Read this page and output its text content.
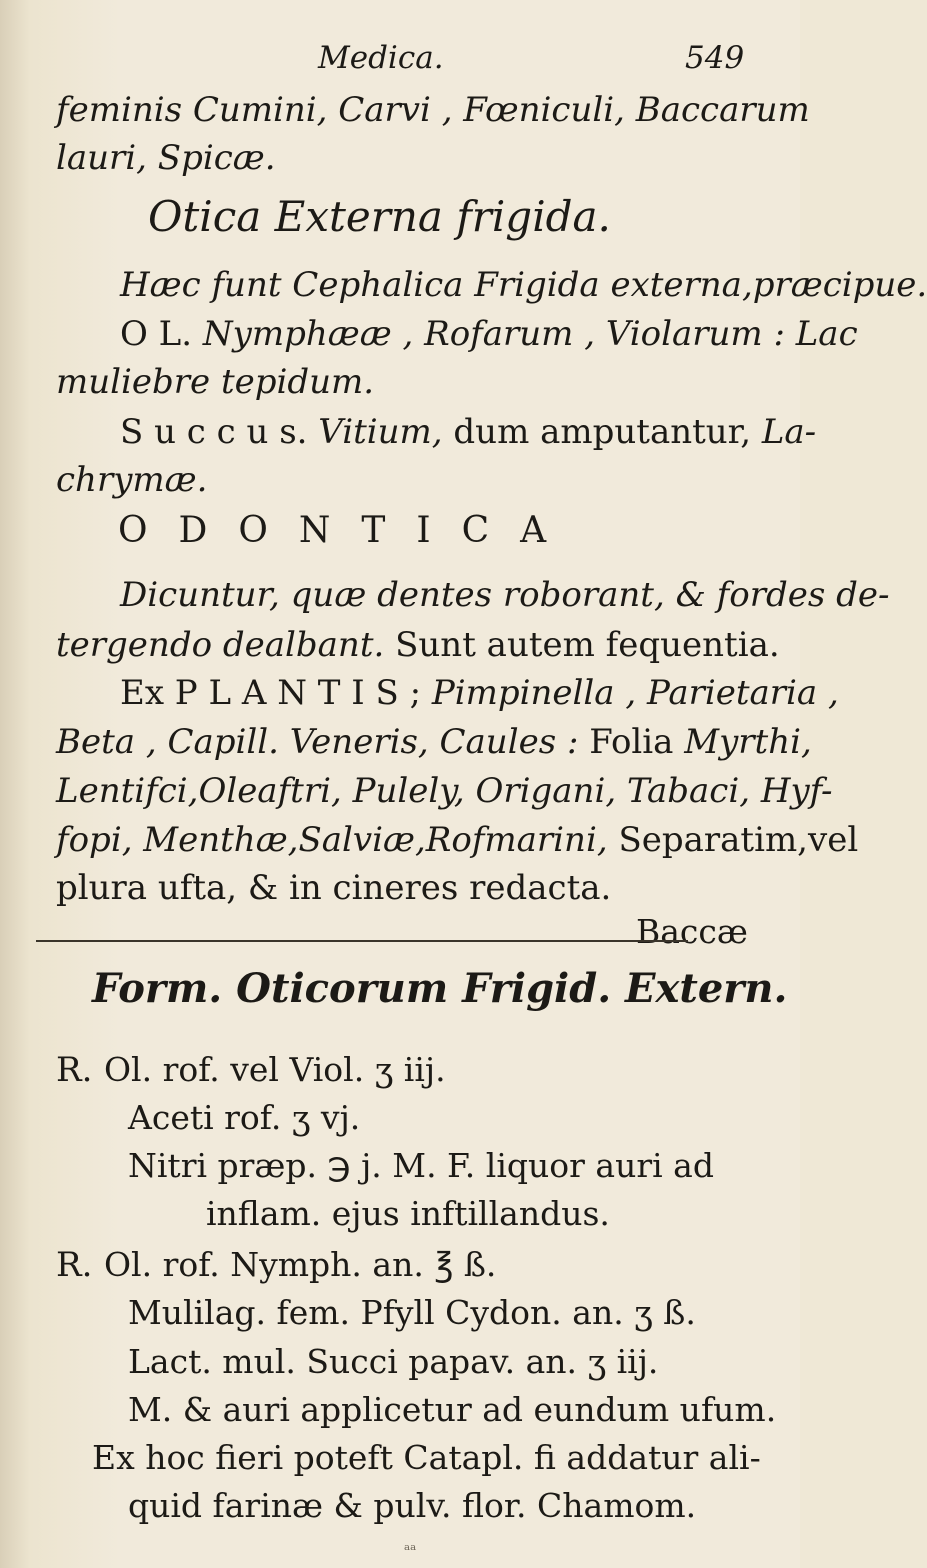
Medica.	549
feminis Cumini, Carvi , Fœniculi, Baccarum
lauri, Spicæ.
Otica Externa frigida.
Hæc funt Cephalica Frigida externa,præcipue.
O L. Nymphææ , Rofarum , Violarum : Lac
muliebre tepidum.
S u c c u s. Vitium, dum amputantur, La-
chrymæ.
ODONTICA
Dicuntur, quæ dentes roborant, & fordes de-
tergendo dealbant. Sunt autem fequentia.
Ex P L A N T I S ; Pimpinella , Parietaria ,
Beta , Capill. Veneris, Caules : Folia Myrthi,
Lentifci,Oleaftri, Pulely, Origani, Tabaci, Hyf-
fopi, Menthæ,Salviæ,Rofmarini, Separatim,vel
plura ufta, & in cineres redacta.
Baccæ
Form. Oticorum Frigid. Extern.
R. Ol. rof. vel Viol. ʒ iij.
Aceti rof. ʒ vj.
Nitri præp. ℈ j. M. F. liquor auri ad
inflam. ejus inftillandus.
R. Ol. rof. Nymph. an. ℥ ß.
Mulilag. fem. Pfyll Cydon. an. ʒ ß.
Lact. mul. Succi papav. an. ʒ iij.
M. & auri applicetur ad eundum ufum.
Ex hoc fieri poteft Catapl. fi addatur ali-
quid farinæ & pulv. flor. Chamom.
ᵃᵃ
